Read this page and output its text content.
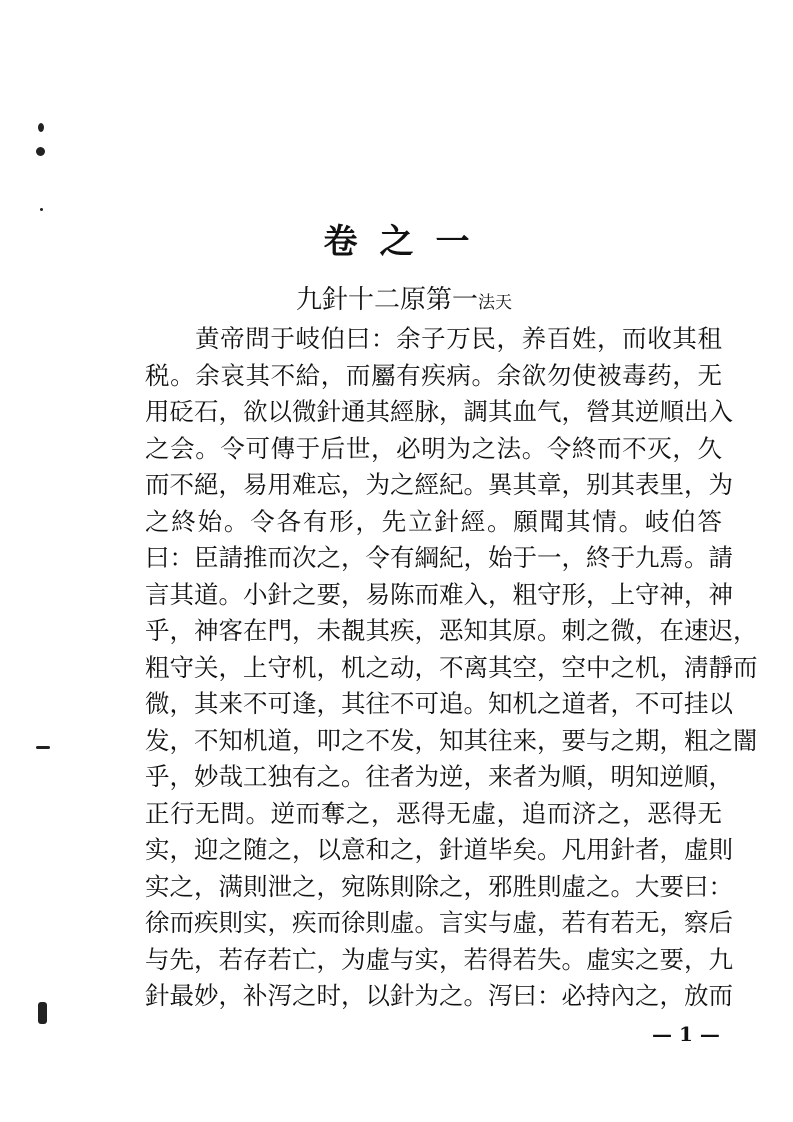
卷之一
九針十二原第一法天
黄帝問于岐伯曰：余子万民，养百姓，而收其租
税。余哀其不給，而屬有疾病。余欲勿使被毒药，无
用砭石，欲以微針通其經脉，調其血气，營其逆順出入
之会。令可傳于后世，必明为之法。令終而不灭，久
而不絕，易用难忘，为之經紀。異其章，别其表里，为
之終始。令各有形，先立針經。願聞其情。岐伯答
曰：臣請推而次之，令有綱紀，始于一，終于九焉。請
言其道。小針之要，易陈而难入，粗守形，上守神，神
乎，神客在門，未覩其疾，恶知其原。刺之微，在速迟，
粗守关，上守机，机之动，不离其空，空中之机，淸靜而
微，其来不可逢，其往不可追。知机之道者，不可挂以
发，不知机道，叩之不发，知其往来，要与之期，粗之闇
乎，妙哉工独有之。往者为逆，来者为順，明知逆順，
正行无問。逆而奪之，恶得无虛，追而济之，恶得无
实，迎之随之，以意和之，針道毕矣。凡用針者，虛則
实之，满則泄之，宛陈則除之，邪胜則虛之。大要曰：
徐而疾則实，疾而徐則虛。言实与虛，若有若无，察后
与先，若存若亡，为虛与实，若得若失。虛实之要，九
針最妙，补泻之时，以針为之。泻曰：必持內之，放而
— 1 —
